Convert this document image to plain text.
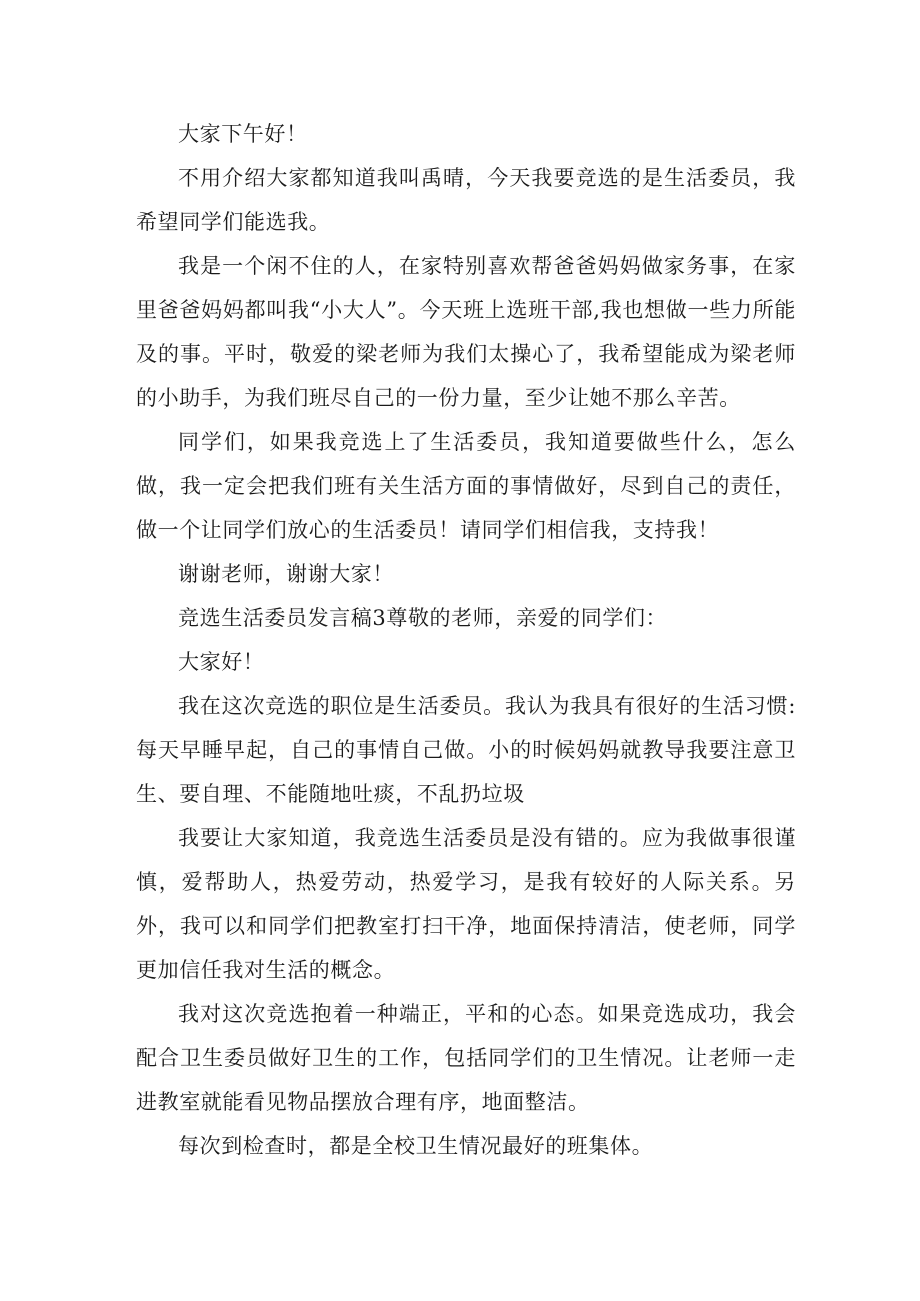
大家下午好！

不用介绍大家都知道我叫禹晴，今天我要竞选的是生活委员，我希望同学们能选我。

我是一个闲不住的人，在家特别喜欢帮爸爸妈妈做家务事，在家里爸爸妈妈都叫我“小大人”。今天班上选班干部,我也想做一些力所能及的事。平时，敬爱的梁老师为我们太操心了，我希望能成为梁老师的小助手，为我们班尽自己的一份力量，至少让她不那么辛苦。

同学们，如果我竞选上了生活委员，我知道要做些什么，怎么做，我一定会把我们班有关生活方面的事情做好，尽到自己的责任，做一个让同学们放心的生活委员！请同学们相信我，支持我！

谢谢老师，谢谢大家！

竞选生活委员发言稿3尊敬的老师，亲爱的同学们：

大家好！

我在这次竞选的职位是生活委员。我认为我具有很好的生活习惯:每天早睡早起，自己的事情自己做。小的时候妈妈就教导我要注意卫生、要自理、不能随地吐痰，不乱扔垃圾

我要让大家知道，我竞选生活委员是没有错的。应为我做事很谨慎，爱帮助人，热爱劳动，热爱学习，是我有较好的人际关系。另外，我可以和同学们把教室打扫干净，地面保持清洁，使老师，同学更加信任我对生活的概念。

我对这次竞选抱着一种端正，平和的心态。如果竞选成功，我会配合卫生委员做好卫生的工作，包括同学们的卫生情况。让老师一走进教室就能看见物品摆放合理有序，地面整洁。

每次到检查时，都是全校卫生情况最好的班集体。
